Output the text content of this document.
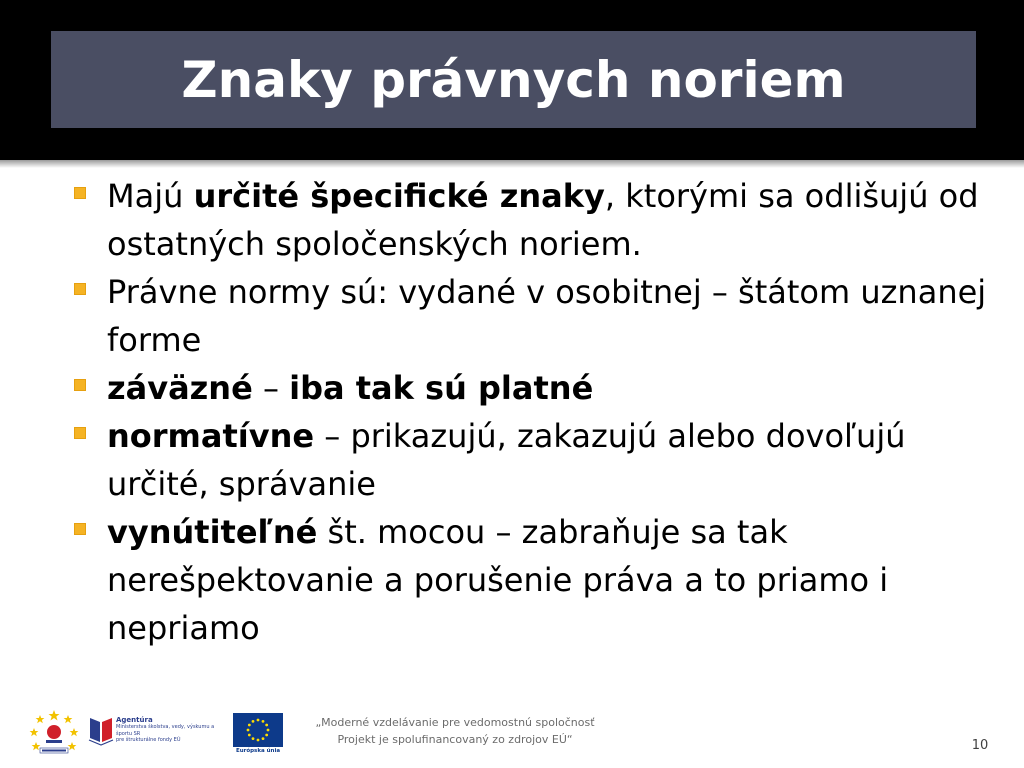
Znaky právnych noriem
Majú určité špecifické znaky, ktorými sa odlišujú od ostatných spoločenských noriem.
Právne normy sú: vydané v osobitnej – štátom uznanej forme
záväzné – iba tak sú platné
normatívne – prikazujú, zakazujú alebo dovoľujú určité, správanie
vynútiteľné št. mocou – zabraňuje sa tak nerešpektovanie a porušenie práva a to priamo i nepriamo
Agentúra
Ministerstva školstva, vedy, výskumu a športu SR
pre štrukturálne fondy EÚ
Európska únia
„Moderné vzdelávanie pre vedomostnú spoločnosť
Projekt je spolufinancovaný zo zdrojov EÚ“	10
